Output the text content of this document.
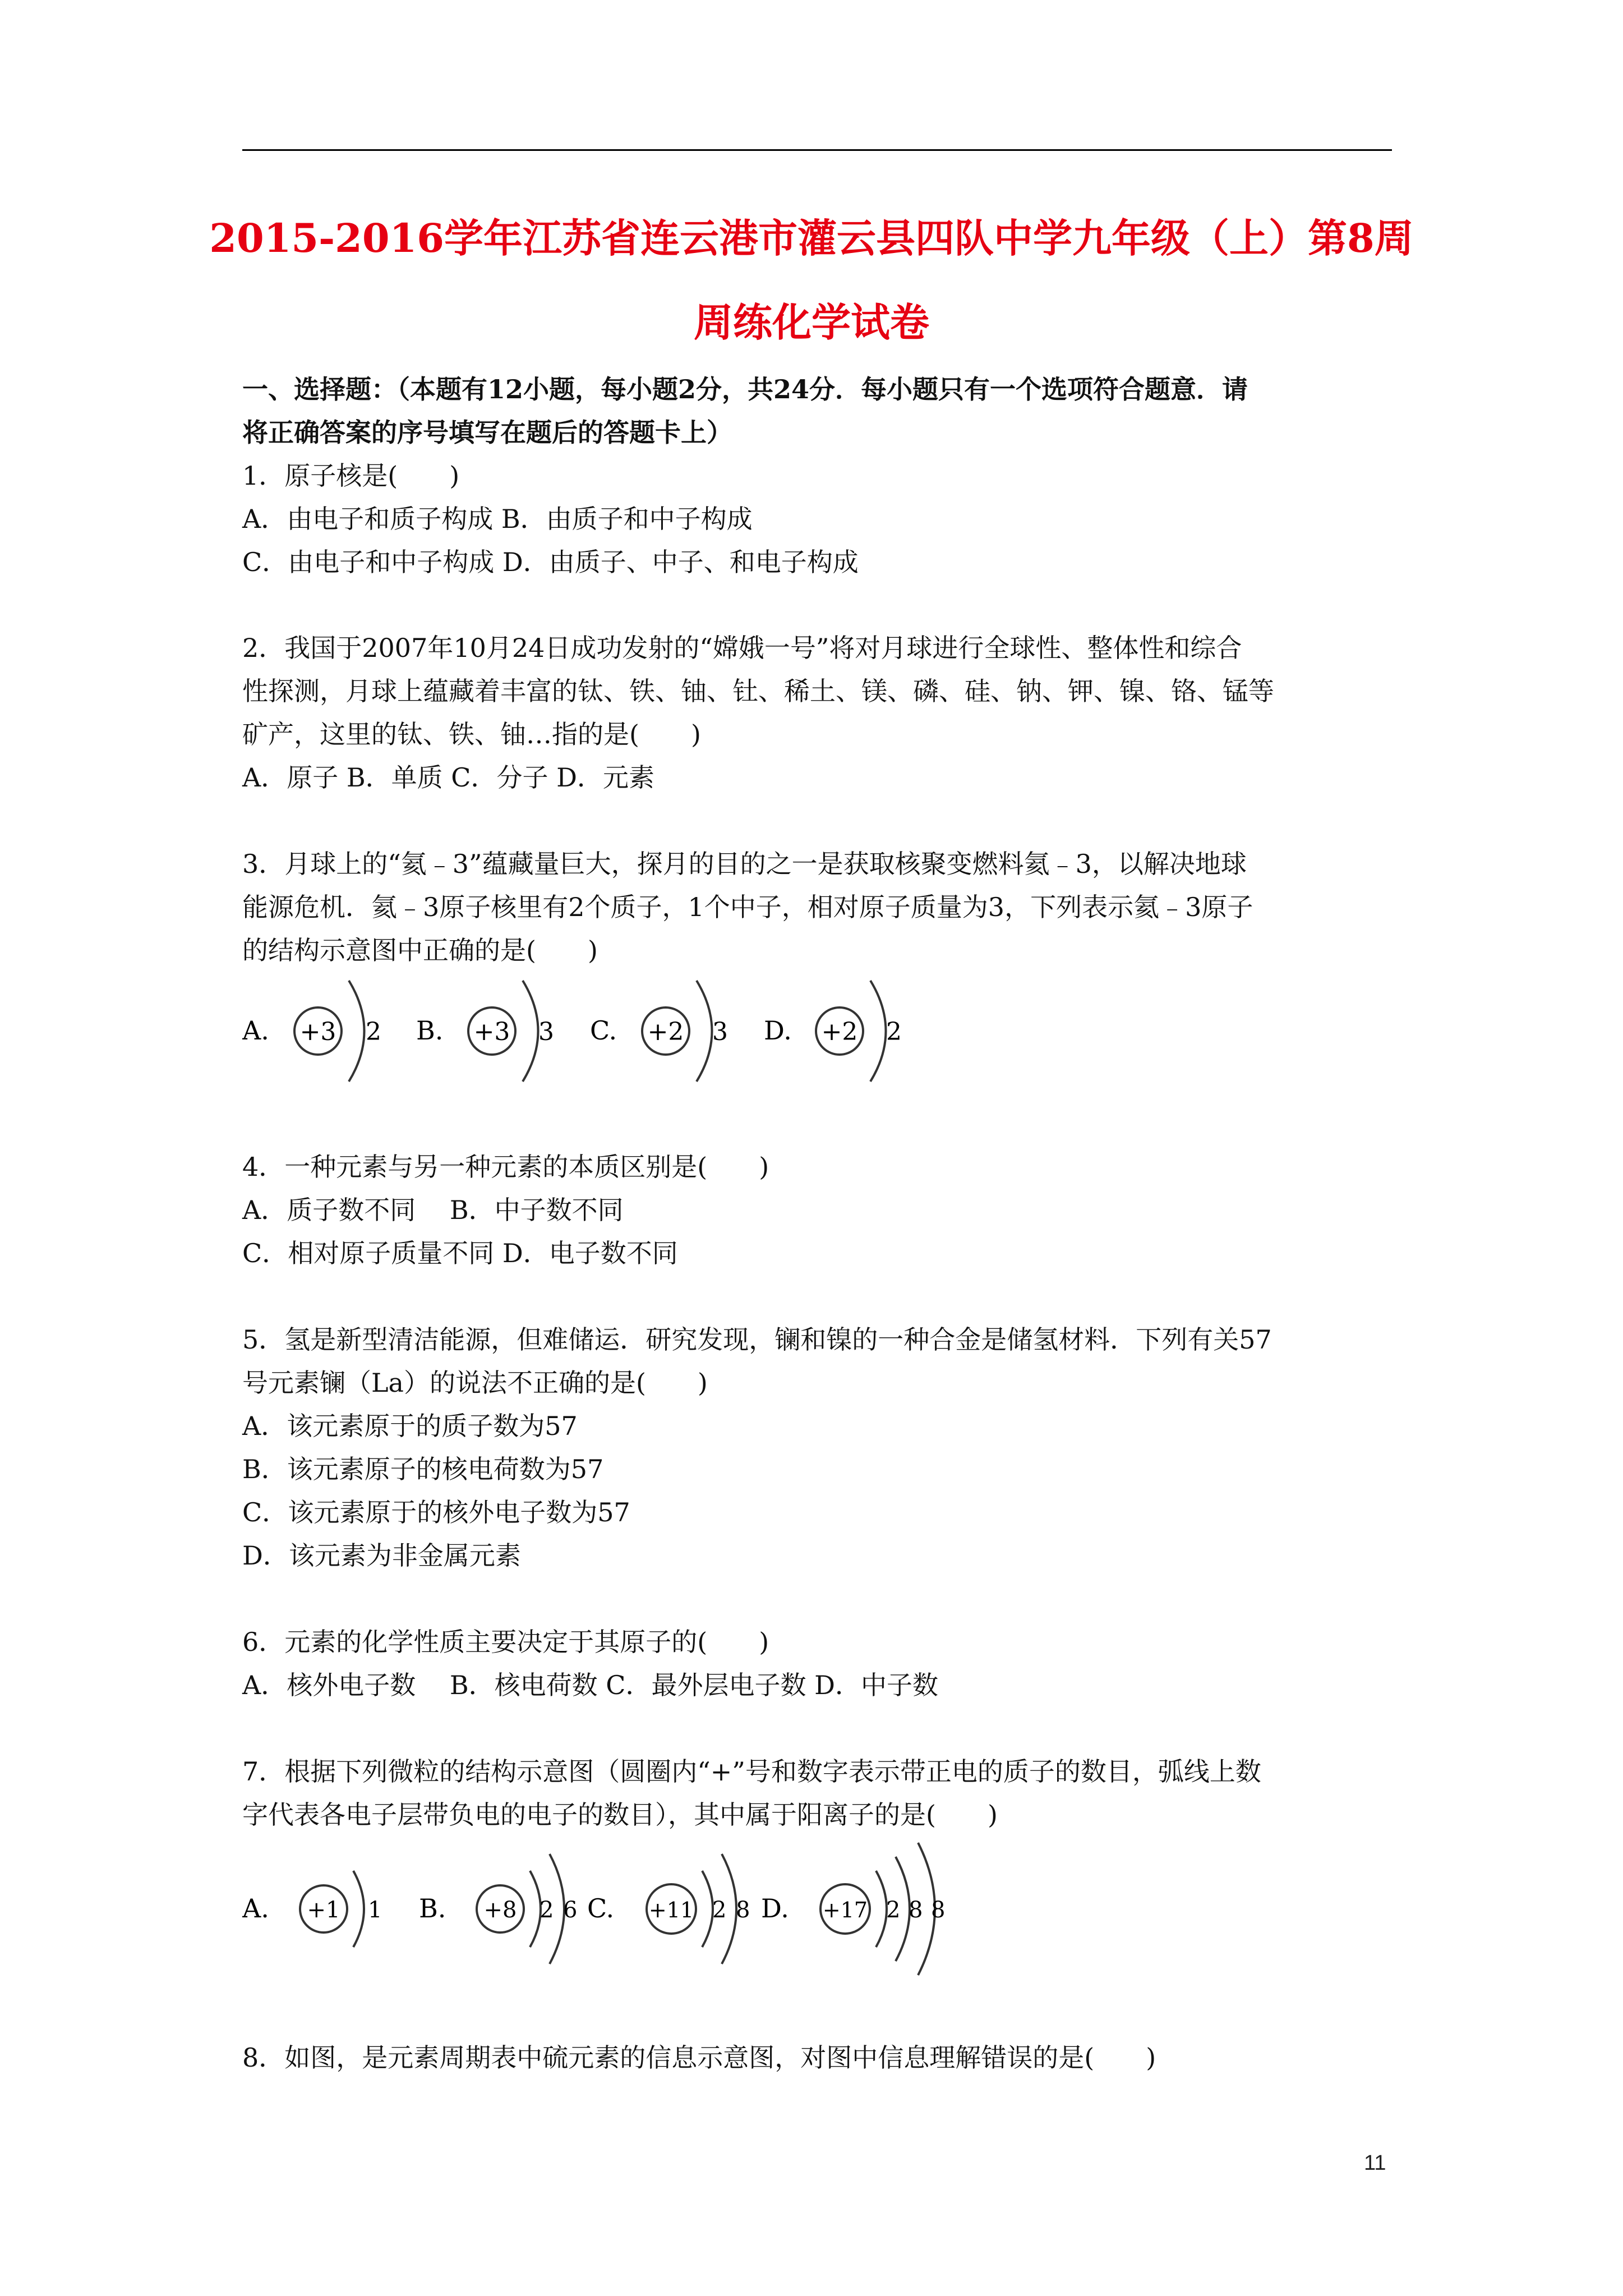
2015-2016学年江苏省连云港市灌云县四队中学九年级（上）第8周
周练化学试卷
一、选择题：（本题有12小题，每小题2分，共24分．每小题只有一个选项符合题意．请
将正确答案的序号填写在题后的答题卡上）
1．原子核是(　　)
A．由电子和质子构成 B．由质子和中子构成
C．由电子和中子构成 D．由质子、中子、和电子构成
2．我国于2007年10月24日成功发射的“嫦娥一号”将对月球进行全球性、整体性和综合
性探测，月球上蕴藏着丰富的钛、铁、铀、钍、稀土、镁、磷、硅、钠、钾、镍、铬、锰等
矿产，这里的钛、铁、铀…指的是(　　)
A．原子 B．单质 C．分子 D．元素
3．月球上的“氦﹣3”蕴藏量巨大，探月的目的之一是获取核聚变燃料氦﹣3，以解决地球
能源危机．氦﹣3原子核里有2个质子，1个中子，相对原子质量为3，下列表示氦﹣3原子
的结构示意图中正确的是(　　)
A. +3 2 B. +3 3 C. +2 3 D. +2 2
4．一种元素与另一种元素的本质区别是(　　)
A．质子数不同　 B．中子数不同
C．相对原子质量不同 D．电子数不同
5．氢是新型清洁能源，但难储运．研究发现，镧和镍的一种合金是储氢材料．下列有关57
号元素镧（La）的说法不正确的是(　　)
A．该元素原于的质子数为57
B．该元素原子的核电荷数为57
C．该元素原于的核外电子数为57
D．该元素为非金属元素
6．元素的化学性质主要决定于其原子的(　　)
A．核外电子数　 B．核电荷数 C．最外层电子数 D．中子数
7．根据下列微粒的结构示意图（圆圈内“+”号和数字表示带正电的质子的数目，弧线上数
字代表各电子层带负电的电子的数目），其中属于阳离子的是(　　)
A. +1 1 B. +8 2 6 C. +11 2 8 D. +17 2 8 8
8．如图，是元素周期表中硫元素的信息示意图，对图中信息理解错误的是(　　)
11
